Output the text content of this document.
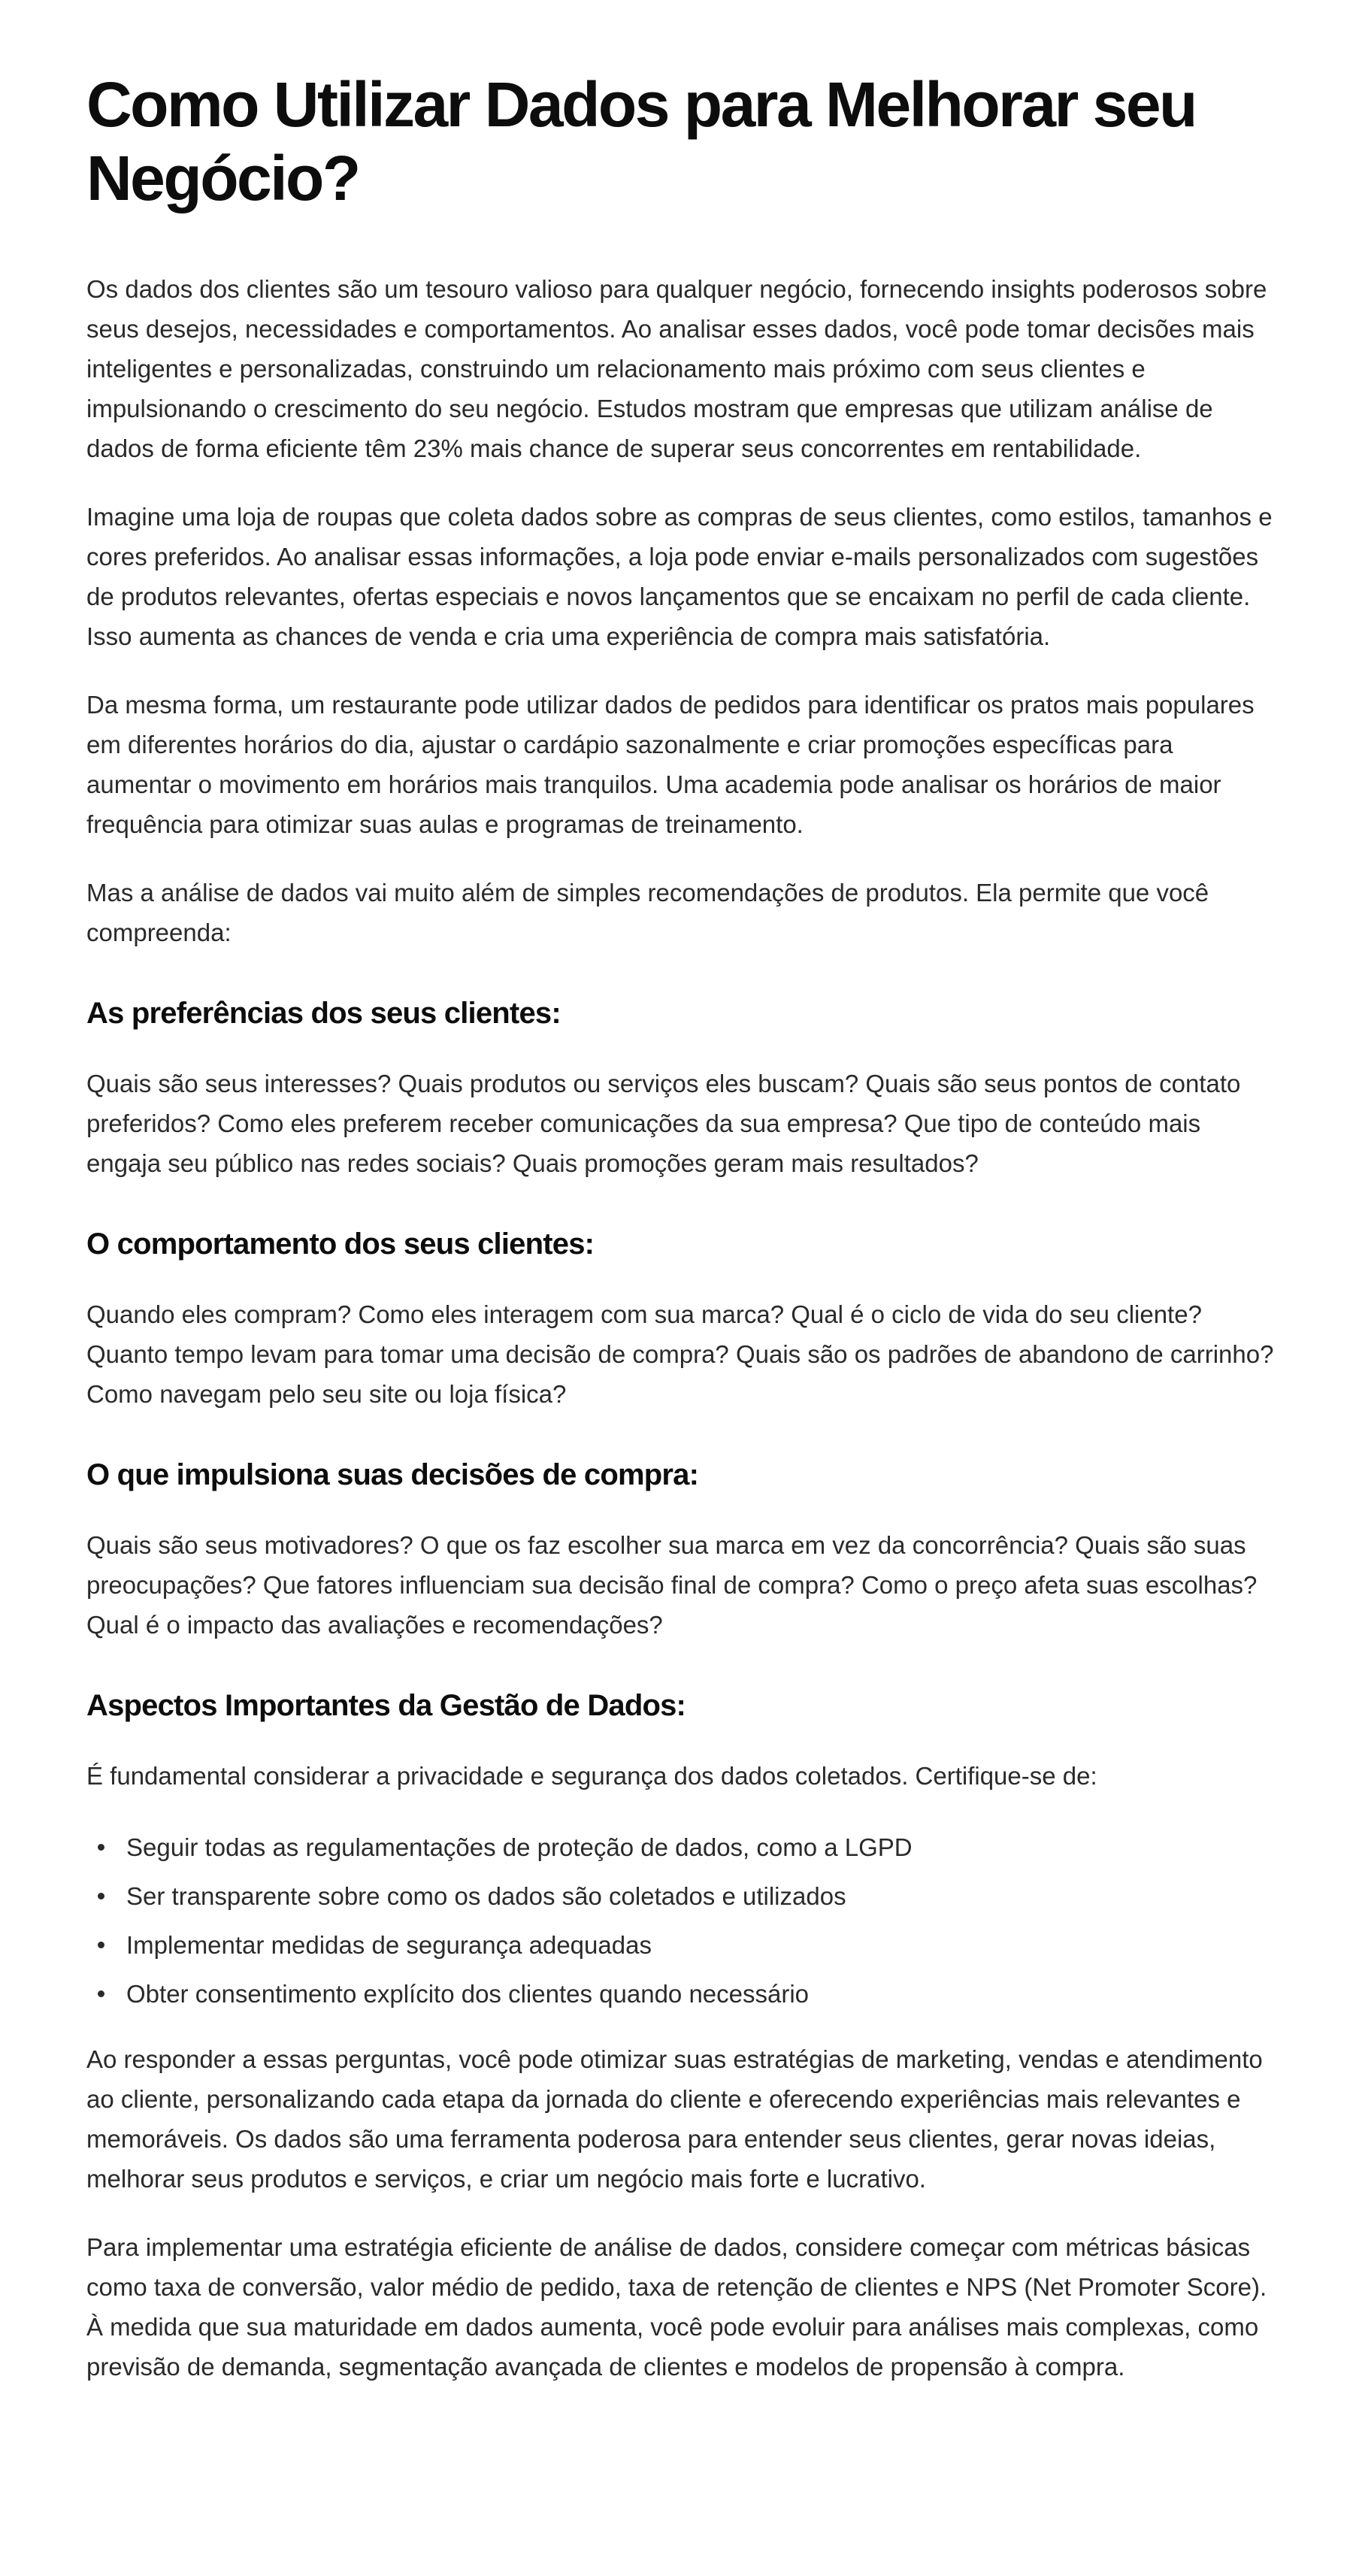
Como Utilizar Dados para Melhorar seu Negócio?

Os dados dos clientes são um tesouro valioso para qualquer negócio, fornecendo insights poderosos sobre seus desejos, necessidades e comportamentos. Ao analisar esses dados, você pode tomar decisões mais inteligentes e personalizadas, construindo um relacionamento mais próximo com seus clientes e impulsionando o crescimento do seu negócio. Estudos mostram que empresas que utilizam análise de dados de forma eficiente têm 23% mais chance de superar seus concorrentes em rentabilidade.

Imagine uma loja de roupas que coleta dados sobre as compras de seus clientes, como estilos, tamanhos e cores preferidos. Ao analisar essas informações, a loja pode enviar e-mails personalizados com sugestões de produtos relevantes, ofertas especiais e novos lançamentos que se encaixam no perfil de cada cliente. Isso aumenta as chances de venda e cria uma experiência de compra mais satisfatória.

Da mesma forma, um restaurante pode utilizar dados de pedidos para identificar os pratos mais populares em diferentes horários do dia, ajustar o cardápio sazonalmente e criar promoções específicas para aumentar o movimento em horários mais tranquilos. Uma academia pode analisar os horários de maior frequência para otimizar suas aulas e programas de treinamento.

Mas a análise de dados vai muito além de simples recomendações de produtos. Ela permite que você compreenda:

As preferências dos seus clientes:

Quais são seus interesses? Quais produtos ou serviços eles buscam? Quais são seus pontos de contato preferidos? Como eles preferem receber comunicações da sua empresa? Que tipo de conteúdo mais engaja seu público nas redes sociais? Quais promoções geram mais resultados?

O comportamento dos seus clientes:

Quando eles compram? Como eles interagem com sua marca? Qual é o ciclo de vida do seu cliente? Quanto tempo levam para tomar uma decisão de compra? Quais são os padrões de abandono de carrinho? Como navegam pelo seu site ou loja física?

O que impulsiona suas decisões de compra:

Quais são seus motivadores? O que os faz escolher sua marca em vez da concorrência? Quais são suas preocupações? Que fatores influenciam sua decisão final de compra? Como o preço afeta suas escolhas? Qual é o impacto das avaliações e recomendações?

Aspectos Importantes da Gestão de Dados:

É fundamental considerar a privacidade e segurança dos dados coletados. Certifique-se de:

Seguir todas as regulamentações de proteção de dados, como a LGPD
Ser transparente sobre como os dados são coletados e utilizados
Implementar medidas de segurança adequadas
Obter consentimento explícito dos clientes quando necessário

Ao responder a essas perguntas, você pode otimizar suas estratégias de marketing, vendas e atendimento ao cliente, personalizando cada etapa da jornada do cliente e oferecendo experiências mais relevantes e memoráveis. Os dados são uma ferramenta poderosa para entender seus clientes, gerar novas ideias, melhorar seus produtos e serviços, e criar um negócio mais forte e lucrativo.

Para implementar uma estratégia eficiente de análise de dados, considere começar com métricas básicas como taxa de conversão, valor médio de pedido, taxa de retenção de clientes e NPS (Net Promoter Score). À medida que sua maturidade em dados aumenta, você pode evoluir para análises mais complexas, como previsão de demanda, segmentação avançada de clientes e modelos de propensão à compra.
